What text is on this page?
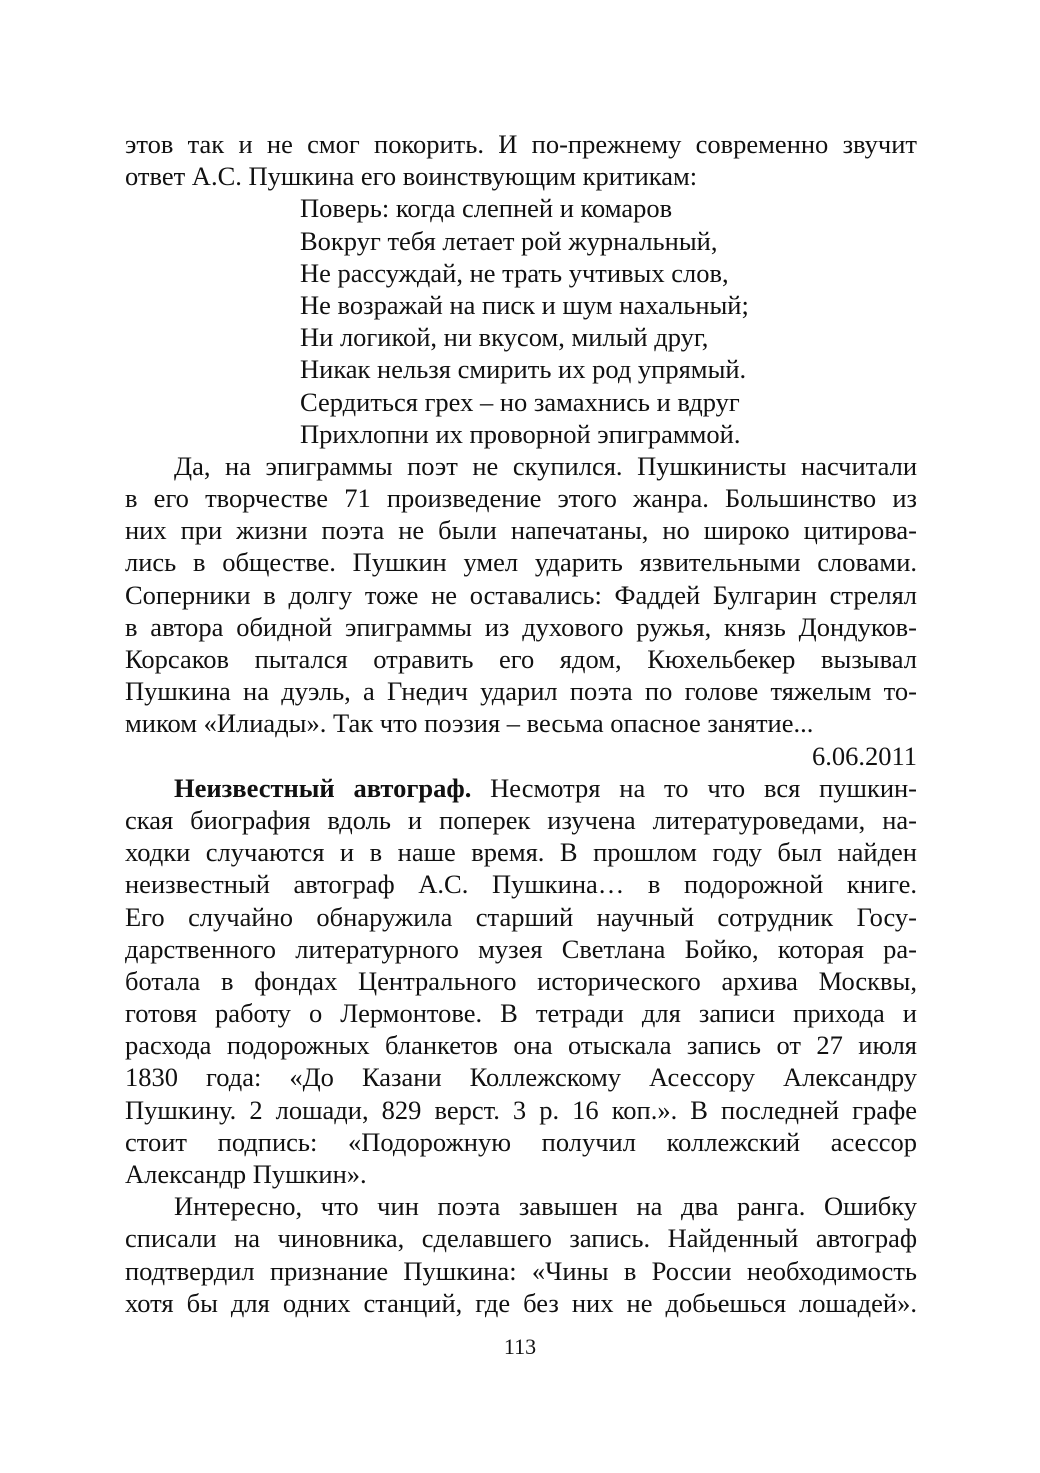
этов так и не смог покорить. И по-прежнему современно звучит
ответ А.С. Пушкина его воинствующим критикам:
Поверь: когда слепней и комаров
Вокруг тебя летает рой журнальный,
Не рассуждай, не трать учтивых слов,
Не возражай на писк и шум нахальный;
Ни логикой, ни вкусом, милый друг,
Никак нельзя смирить их род упрямый.
Сердиться грех – но замахнись и вдруг
Прихлопни их проворной эпиграммой.
Да, на эпиграммы поэт не скупился. Пушкинисты насчитали
в его творчестве 71 произведение этого жанра. Большинство из
них при жизни поэта не были напечатаны, но широко цитирова-
лись в обществе. Пушкин умел ударить язвительными словами.
Соперники в долгу тоже не оставались: Фаддей Булгарин стрелял
в автора обидной эпиграммы из духового ружья, князь Дондуков-
Корсаков пытался отравить его ядом, Кюхельбекер вызывал
Пушкина на дуэль, а Гнедич ударил поэта по голове тяжелым то-
миком «Илиады». Так что поэзия – весьма опасное занятие...
6.06.2011
Неизвестный автограф. Несмотря на то что вся пушкин-
ская биография вдоль и поперек изучена литературоведами, на-
ходки случаются и в наше время. В прошлом году был найден
неизвестный автограф А.С. Пушкина… в подорожной книге.
Его случайно обнаружила старший научный сотрудник Госу-
дарственного литературного музея Светлана Бойко, которая ра-
ботала в фондах Центрального исторического архива Москвы,
готовя работу о Лермонтове. В тетради для записи прихода и
расхода подорожных бланкетов она отыскала запись от 27 июля
1830 года: «До Казани Коллежскому Асессору Александру
Пушкину. 2 лошади, 829 верст. 3 р. 16 коп.». В последней графе
стоит подпись: «Подорожную получил коллежский асессор
Александр Пушкин».
Интересно, что чин поэта завышен на два ранга. Ошибку
списали на чиновника, сделавшего запись. Найденный автограф
подтвердил признание Пушкина: «Чины в России необходимость
хотя бы для одних станций, где без них не добьешься лошадей».
113
